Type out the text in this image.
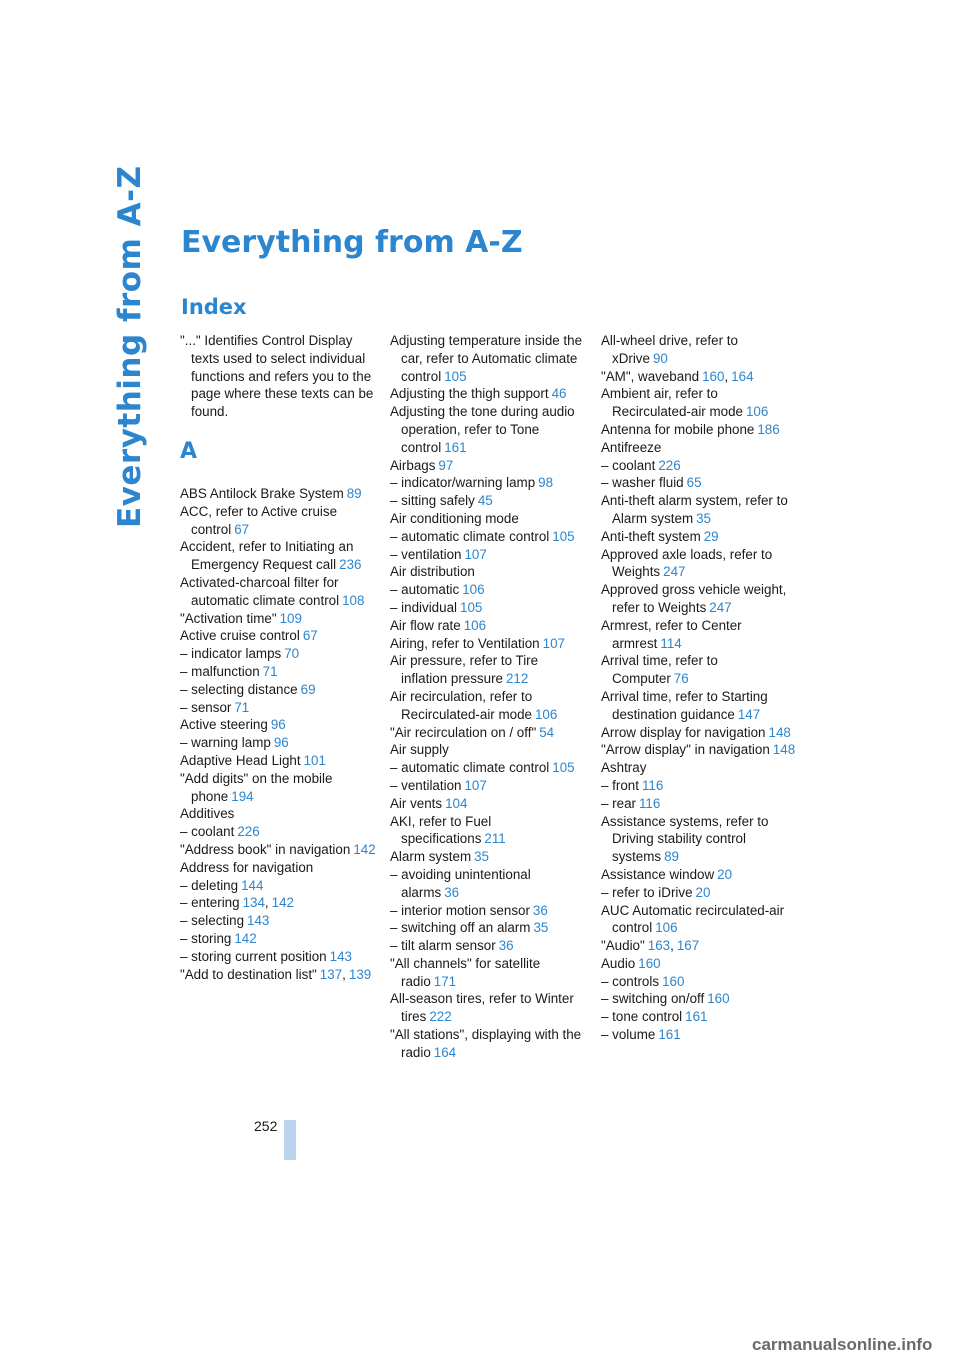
Everything from A-Z Everything from A-Z
Index
"..." Identifies Control Display texts used to select individual functions and refers you to the page where these texts can be found.
A
ABS Antilock Brake System 89
ACC, refer to Active cruise control 67
Accident, refer to Initiating an Emergency Request call 236
Activated-charcoal filter for automatic climate control 108
"Activation time" 109
Active cruise control 67
– indicator lamps 70
– malfunction 71
– selecting distance 69
– sensor 71
Active steering 96
– warning lamp 96
Adaptive Head Light 101
"Add digits" on the mobile phone 194
Additives
– coolant 226
"Address book" in navigation 142
Address for navigation
– deleting 144
– entering 134, 142
– selecting 143
– storing 142
– storing current position 143
"Add to destination list" 137, 139
Adjusting temperature inside the car, refer to Automatic climate control 105
Adjusting the thigh support 46
Adjusting the tone during audio operation, refer to Tone control 161
Airbags 97
– indicator/warning lamp 98
– sitting safely 45
Air conditioning mode
– automatic climate control 105
– ventilation 107
Air distribution
– automatic 106
– individual 105
Air flow rate 106
Airing, refer to Ventilation 107
Air pressure, refer to Tire inflation pressure 212
Air recirculation, refer to Recirculated-air mode 106
"Air recirculation on / off" 54
Air supply
– automatic climate control 105
– ventilation 107
Air vents 104
AKI, refer to Fuel specifications 211
Alarm system 35
– avoiding unintentional alarms 36
– interior motion sensor 36
– switching off an alarm 35
– tilt alarm sensor 36
"All channels" for satellite radio 171
All-season tires, refer to Winter tires 222
"All stations", displaying with the radio 164
All-wheel drive, refer to xDrive 90
"AM", waveband 160, 164
Ambient air, refer to Recirculated-air mode 106
Antenna for mobile phone 186
Antifreeze
– coolant 226
– washer fluid 65
Anti-theft alarm system, refer to Alarm system 35
Anti-theft system 29
Approved axle loads, refer to Weights 247
Approved gross vehicle weight, refer to Weights 247
Armrest, refer to Center armrest 114
Arrival time, refer to Computer 76
Arrival time, refer to Starting destination guidance 147
Arrow display for navigation 148
"Arrow display" in navigation 148
Ashtray
– front 116
– rear 116
Assistance systems, refer to Driving stability control systems 89
Assistance window 20
– refer to iDrive 20
AUC Automatic recirculated-air control 106
"Audio" 163, 167
Audio 160
– controls 160
– switching on/off 160
– tone control 161
– volume 161
252
carmanualsonline.info
